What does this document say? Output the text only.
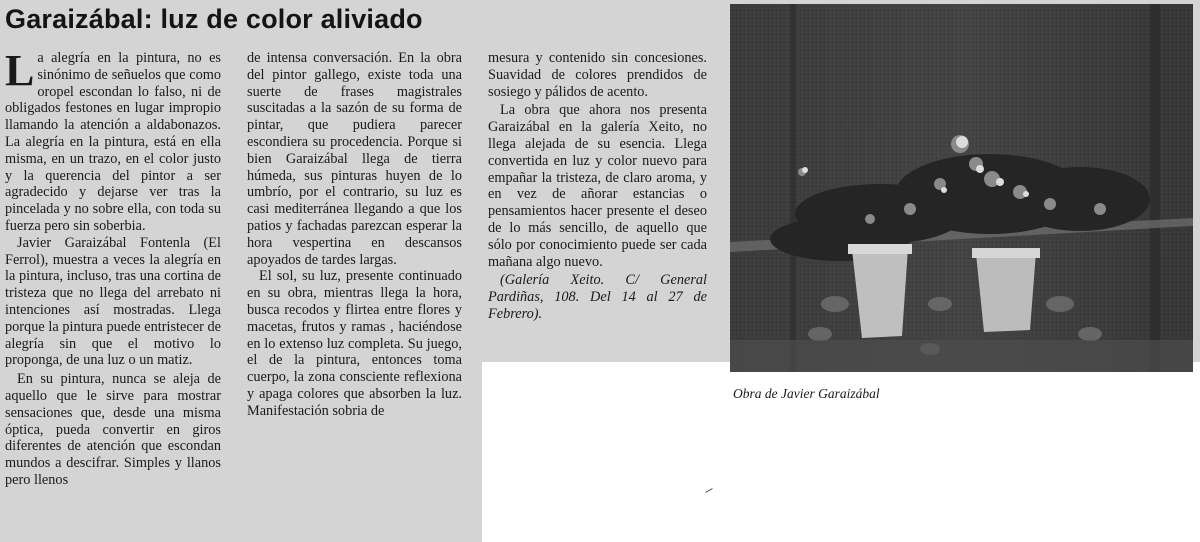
Garaizábal: luz de color aliviado

La alegría en la pintura, no es sinónimo de señuelos que como oropel escondan lo falso, ni de obligados festones en lugar impropio llamando la atención a aldabonazos. La alegría en la pintura, está en ella misma, en un trazo, en el color justo y la querencia del pintor a ser agradecido y dejarse ver tras la pincelada y no sobre ella, con toda su fuerza pero sin soberbia.

Javier Garaizábal Fontenla (El Ferrol), muestra a veces la alegría en la pintura, incluso, tras una cortina de tristeza que no llega del arrebato ni intenciones así mostradas. Llega porque la pintura puede entristecer de alegría sin que el motivo lo proponga, de una luz o un matiz.

En su pintura, nunca se aleja de aquello que le sirve para mostrar sensaciones que, desde una misma óptica, pueda convertir en giros diferentes de atención que escondan mundos a descifrar. Simples y llanos pero llenos

de intensa conversación. En la obra del pintor gallego, existe toda una suerte de frases magistrales suscitadas a la sazón de su forma de pintar, que pudiera parecer escondiera su procedencia. Porque si bien Garaizábal llega de tierra húmeda, sus pinturas huyen de lo umbrío, por el contrario, su luz es casi mediterránea llegando a que los patios y fachadas parezcan esperar la hora vespertina en descansos apoyados de tardes largas.

El sol, su luz, presente continuado en su obra, mientras llega la hora, busca recodos y flirtea entre flores y macetas, frutos y ramas , haciéndose en lo extenso luz completa. Su juego, el de la pintura, entonces toma cuerpo, la zona consciente reflexiona y apaga colores que absorben la luz. Manifestación sobria de

mesura y contenido sin concesiones. Suavidad de colores prendidos de sosiego y pálidos de acento.

La obra que ahora nos presenta Garaizábal en la galería Xeito, no llega alejada de su esencia. Llega convertida en luz y color nuevo para empañar la tristeza, de claro aroma, y en vez de añorar estancias o pensamientos hacer presente el deseo de lo más sencillo, de aquello que sólo por conocimiento puede ser cada mañana algo nuevo.

(Galería Xeito. C/ General Pardiñas, 108. Del 14 al 27 de Febrero).

Obra de Javier Garaizábal
